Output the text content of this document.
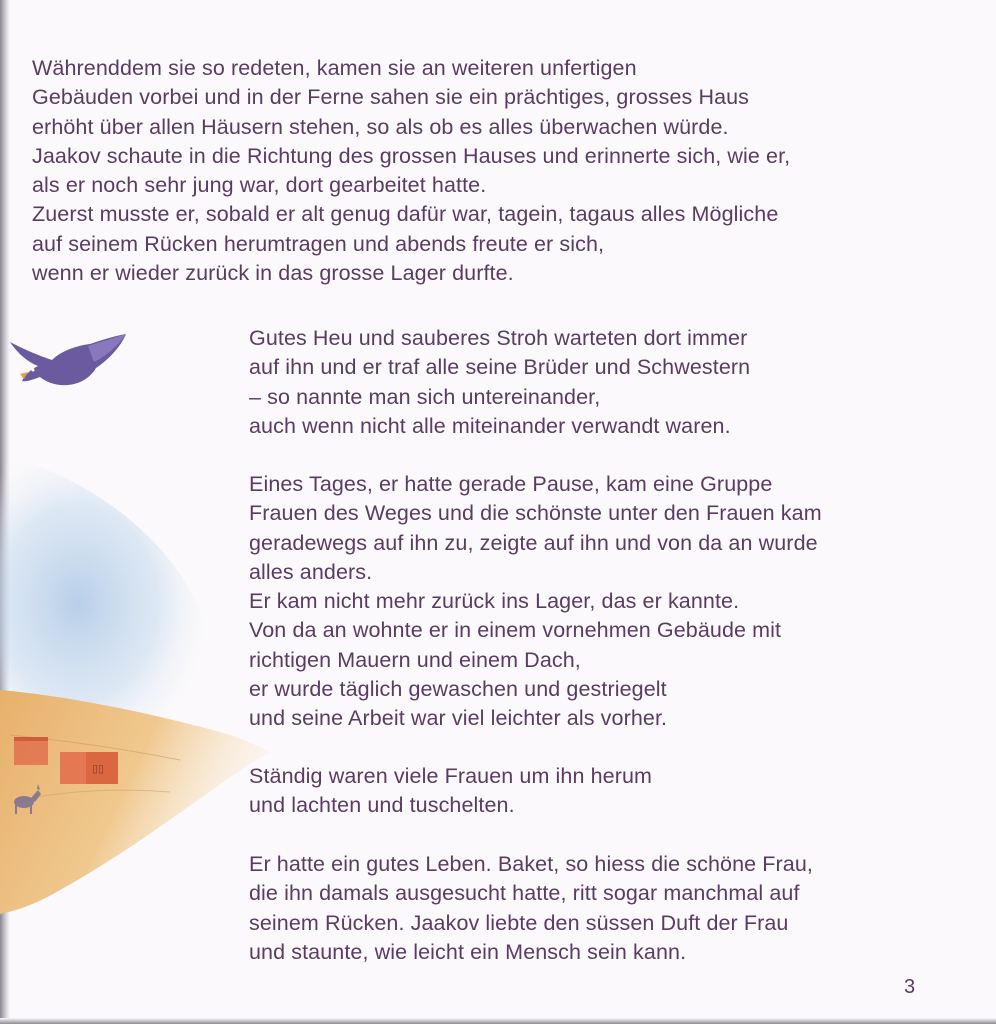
▯▯

Währenddem sie so redeten, kamen sie an weiteren unfertigen
Gebäuden vorbei und in der Ferne sahen sie ein prächtiges, grosses Haus
erhöht über allen Häusern stehen, so als ob es alles überwachen würde.
Jaakov schaute in die Richtung des grossen Hauses und erinnerte sich, wie er,
als er noch sehr jung war, dort gearbeitet hatte.
Zuerst musste er, sobald er alt genug dafür war, tagein, tagaus alles Mögliche
auf seinem Rücken herumtragen und abends freute er sich,
wenn er wieder zurück in das grosse Lager durfte.

Gutes Heu und sauberes Stroh warteten dort immer
auf ihn und er traf alle seine Brüder und Schwestern
– so nannte man sich untereinander,
auch wenn nicht alle miteinander verwandt waren.

Eines Tages, er hatte gerade Pause, kam eine Gruppe
Frauen des Weges und die schönste unter den Frauen kam
geradewegs auf ihn zu, zeigte auf ihn und von da an wurde
alles anders.
Er kam nicht mehr zurück ins Lager, das er kannte.
Von da an wohnte er in einem vornehmen Gebäude mit
richtigen Mauern und einem Dach,
er wurde täglich gewaschen und gestriegelt
und seine Arbeit war viel leichter als vorher.

Ständig waren viele Frauen um ihn herum
und lachten und tuschelten.

Er hatte ein gutes Leben. Baket, so hiess die schöne Frau,
die ihn damals ausgesucht hatte, ritt sogar manchmal auf
seinem Rücken. Jaakov liebte den süssen Duft der Frau
und staunte, wie leicht ein Mensch sein kann.

3
